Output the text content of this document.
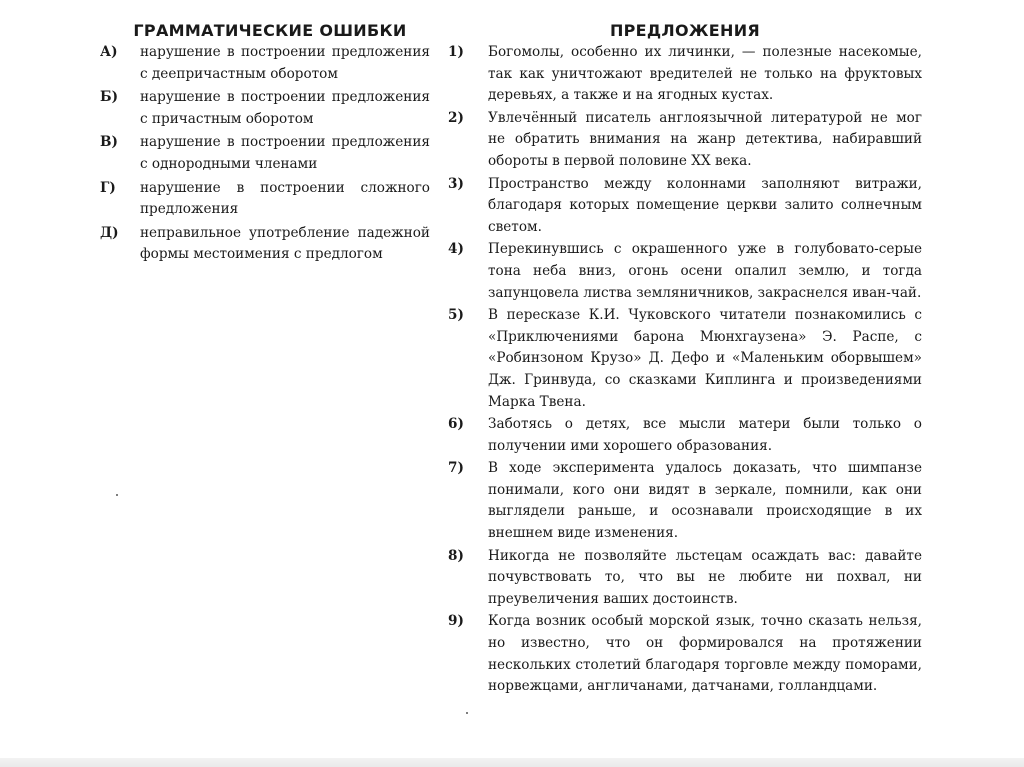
ГРАММАТИЧЕСКИЕ ОШИБКИ
А)	нарушение в построении предложения с деепричастным оборотом
Б)	нарушение в построении предложения с причастным оборотом
В)	нарушение в построении предложения с однородными членами
Г)	нарушение в построении сложного предложения
Д)	неправильное употребление падежной формы местоимения с предлогом
ПРЕДЛОЖЕНИЯ
1)	Богомолы, особенно их личинки, — полезные насекомые, так как уничтожают вредителей не только на фруктовых деревьях, а также и на ягодных кустах.
2)	Увлечённый писатель англоязычной литературой не мог не обратить внимания на жанр детектива, набиравший обороты в первой половине XX века.
3)	Пространство между колоннами заполняют витражи, благодаря которых помещение церкви залито солнечным светом.
4)	Перекинувшись с окрашенного уже в голубовато-серые тона неба вниз, огонь осени опалил землю, и тогда запунцовела листва земляничников, закраснелся иван-чай.
5)	В пересказе К.И. Чуковского читатели познакомились с «Приключениями барона Мюнхгаузена» Э. Распе, с «Робинзоном Крузо» Д. Дефо и «Маленьким оборвышем» Дж. Гринвуда, со сказками Киплинга и произведениями Марка Твена.
6)	Заботясь о детях, все мысли матери были только о получении ими хорошего образования.
7)	В ходе эксперимента удалось доказать, что шимпанзе понимали, кого они видят в зеркале, помнили, как они выглядели раньше, и осознавали происходящие в их внешнем виде изменения.
8)	Никогда не позволяйте льстецам осаждать вас: давайте почувствовать то, что вы не любите ни похвал, ни преувеличения ваших достоинств.
9)	Когда возник особый морской язык, точно сказать нельзя, но известно, что он формировался на протяжении нескольких столетий благодаря торговле между поморами, норвежцами, англичанами, датчанами, голландцами.
